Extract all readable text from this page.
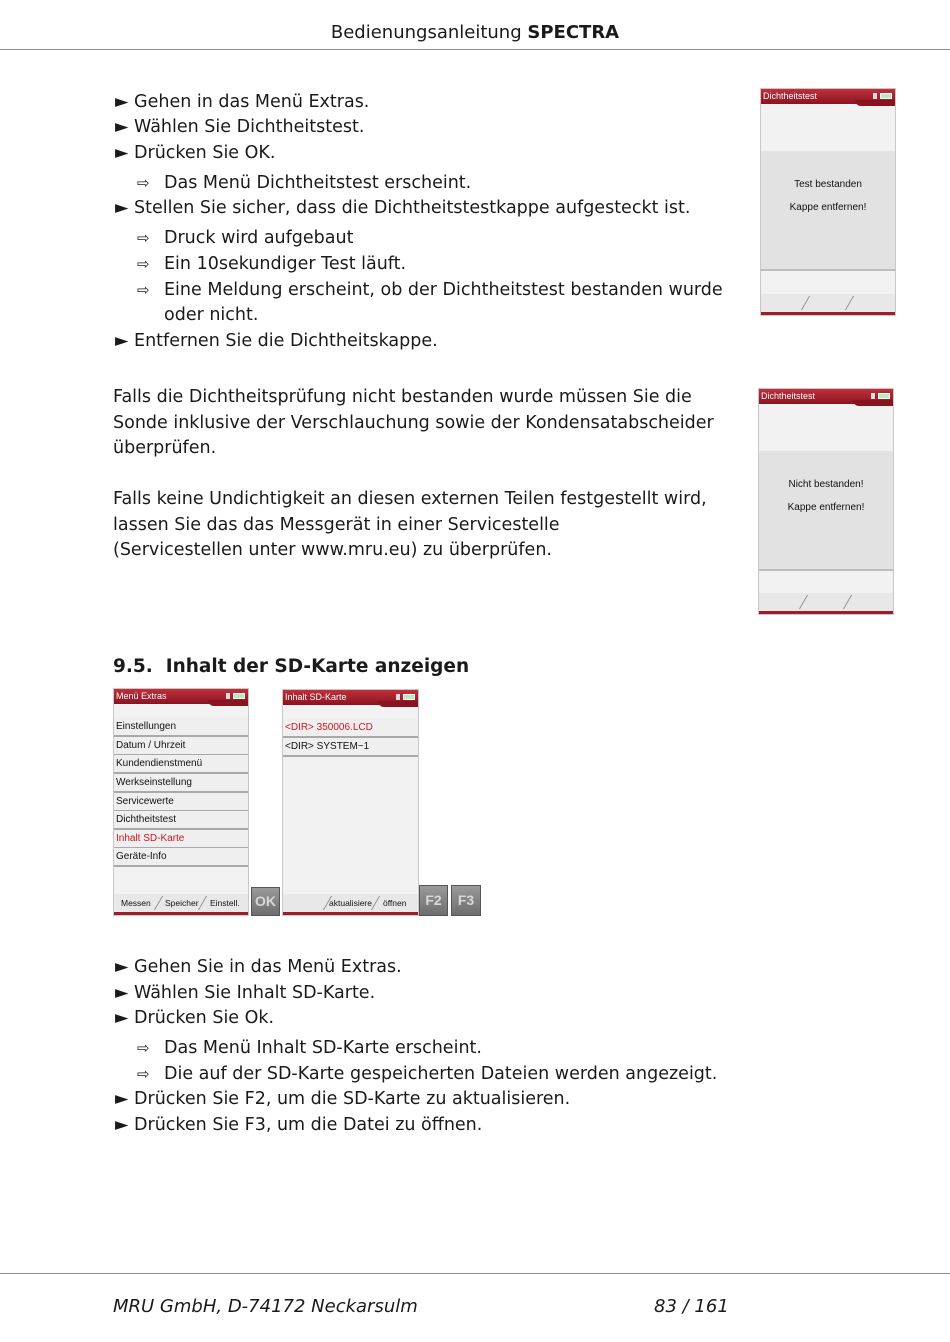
Bedienungsanleitung SPECTRA
► Gehen in das Menü Extras.
► Wählen Sie Dichtheitstest.
► Drücken Sie OK.
⇨ Das Menü Dichtheitstest erscheint.
► Stellen Sie sicher, dass die Dichtheitstestkappe aufgesteckt ist.
⇨ Druck wird aufgebaut
⇨ Ein 10sekundiger Test läuft.
⇨ Eine Meldung erscheint, ob der Dichtheitstest bestanden wurde
oder nicht.
► Entfernen Sie die Dichtheitskappe.
Dichtheitstest
Test bestanden
Kappe entfernen!
Falls die Dichtheitsprüfung nicht bestanden wurde müssen Sie die
Sonde inklusive der Verschlauchung sowie der Kondensatabscheider
überprüfen.
Falls keine Undichtigkeit an diesen externen Teilen festgestellt wird,
lassen Sie das das Messgerät in einer Servicestelle
(Servicestellen unter www.mru.eu) zu überprüfen.
Dichtheitstest
Nicht bestanden!
Kappe entfernen!
9.5. Inhalt der SD-Karte anzeigen
Menü Extras
Einstellungen
Datum / Uhrzeit
Kundendienstmenü
Werkseinstellung
Servicewerte
Dichtheitstest
Inhalt SD-Karte
Geräte-Info
Messen Speicher Einstell. OK
Inhalt SD-Karte
<DIR> 350006.LCD
<DIR> SYSTEM~1
aktualisiere öffnen	F2	F3
► Gehen Sie in das Menü Extras.
► Wählen Sie Inhalt SD-Karte.
► Drücken Sie Ok.
⇨ Das Menü Inhalt SD-Karte erscheint.
⇨ Die auf der SD-Karte gespeicherten Dateien werden angezeigt.
► Drücken Sie F2, um die SD-Karte zu aktualisieren.
► Drücken Sie F3, um die Datei zu öffnen.
MRU GmbH, D-74172 Neckarsulm	83 / 161
